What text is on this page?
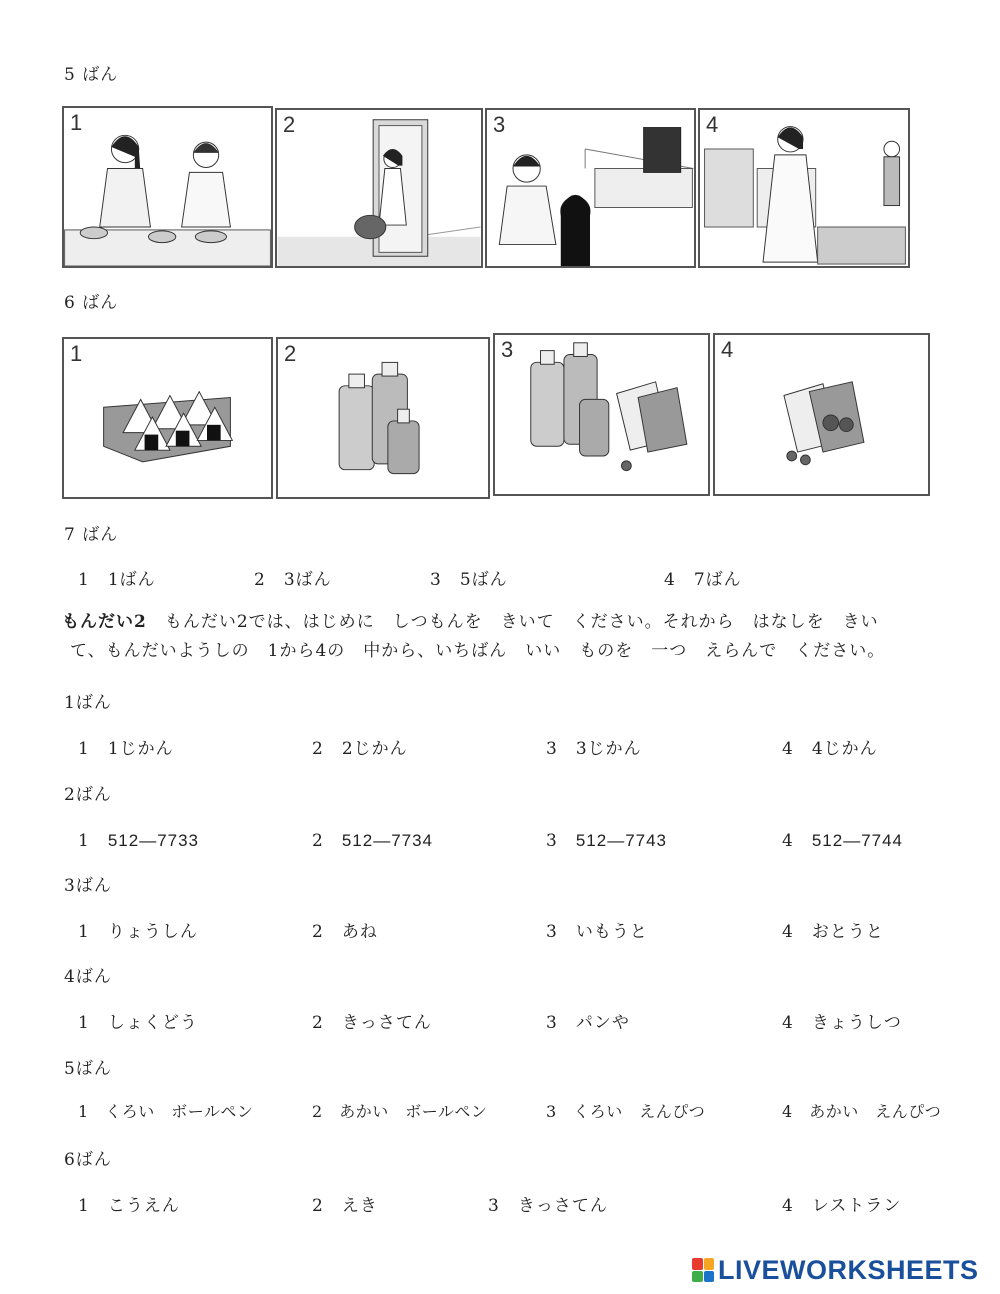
5 ばん
1	2	3	4
6 ばん
1	2	3	4
7 ばん
1　 1ばん	2　 3ばん	3　 5ばん	4　 7ばん
もんだい2　 もんだい2では、はじめに　しつもんを　きいて　ください。それから　はなしを　きい
て、もんだいようしの　1から4の　中から、いちばん　いい　ものを　一つ　えらんで　ください。
1ばん
1　 1じかん	2　 2じかん	3　 3じかん	4　 4じかん
2ばん
1　 512―7733	2　 512―7734	3　 512―7743	4　 512―7744
3ばん
1　 りょうしん	2　 あね	3　 いもうと	4　 おとうと
4ばん
1　 しょくどう	2　 きっさてん	3　 パンや	4　 きょうしつ
5ばん
1　 くろい　ボールペン	2　 あかい　ボールペン	3　 くろい　えんぴつ	4　 あかい　えんぴつ
6ばん
1　 こうえん	2　 えき	3　 きっさてん	4　 レストラン
LIVEWORKSHEETS
